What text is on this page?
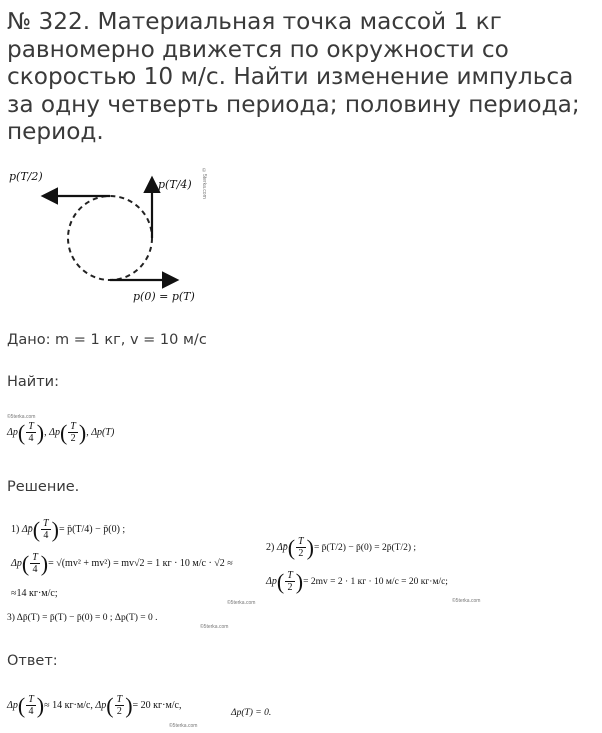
№ 322. Материальная точка массой 1 кг равномерно движется по окружности со скоростью 10 м/с. Найти изменение импульса за одну четверть периода; половину периода; период.
p(T/2)
p(T/4)
p(0) = p(T)
©5terka.com
Дано: m = 1 кг, v = 10 м/с
Найти:
©5terka.com
Δp ( $\frac{T}{4}$ ) ,
Δp ( $\frac{T}{2}$ ) ,
Δp(T)
Решение.
1)
Δp̄ ( $\frac{T}{4}$ ) = p̄(T/4) − p̄(0) ;
Δp ( $\frac{T}{4}$ ) = √(mv² + mv²) = mv√2 = 1 кг · 10 м/с · √2 ≈
≈14 кг·м/с;
©5terka.com
2)
Δp̄ ( $\frac{T}{2}$ ) = p̄(T/2) − p̄(0) = 2p̄(T/2) ;
Δp ( $\frac{T}{2}$ ) = 2mv = 2 · 1 кг · 10 м/с = 20 кг·м/с;
©5terka.com
3) Δp̄(T) = p̄(T) − p̄(0) = 0 ; Δp(T) = 0 .
©5terka.com
Ответ:
Δp ( $\frac{T}{4}$ ) ≈ 14 кг·м/с,
Δp ( $\frac{T}{2}$ ) = 20 кг·м/с,
Δp(T) = 0.
©5terka.com
